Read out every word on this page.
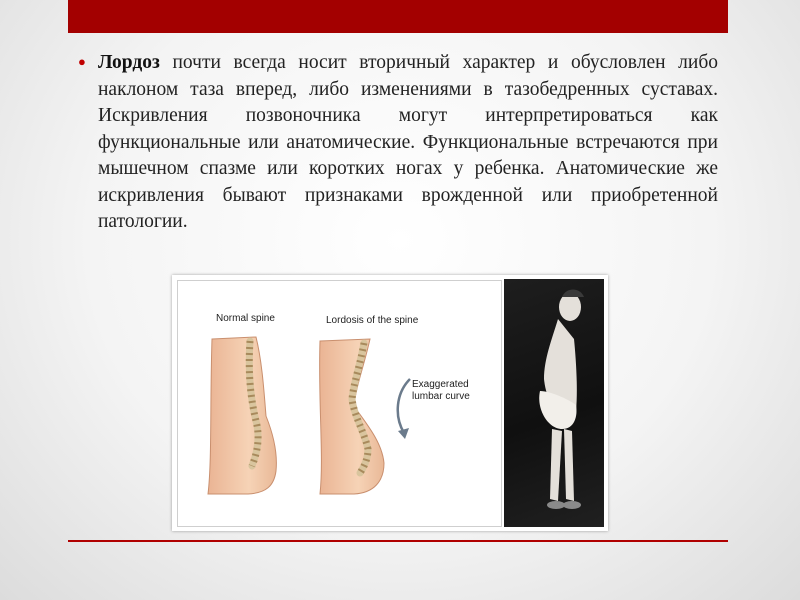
● Лордоз почти всегда носит вторичный характер и обусловлен либо наклоном таза вперед, либо изменениями в тазобедренных суставах. Искривления позвоночника могут интерпретироваться как функциональные или анатомические. Функциональные встречаются при мышечном спазме или коротких ногах у ребенка. Анатомические же искривления бывают признаками врожденной или приобретенной патологии.

Normal spine	Lordosis of the spine
Exaggerated lumbar curve
